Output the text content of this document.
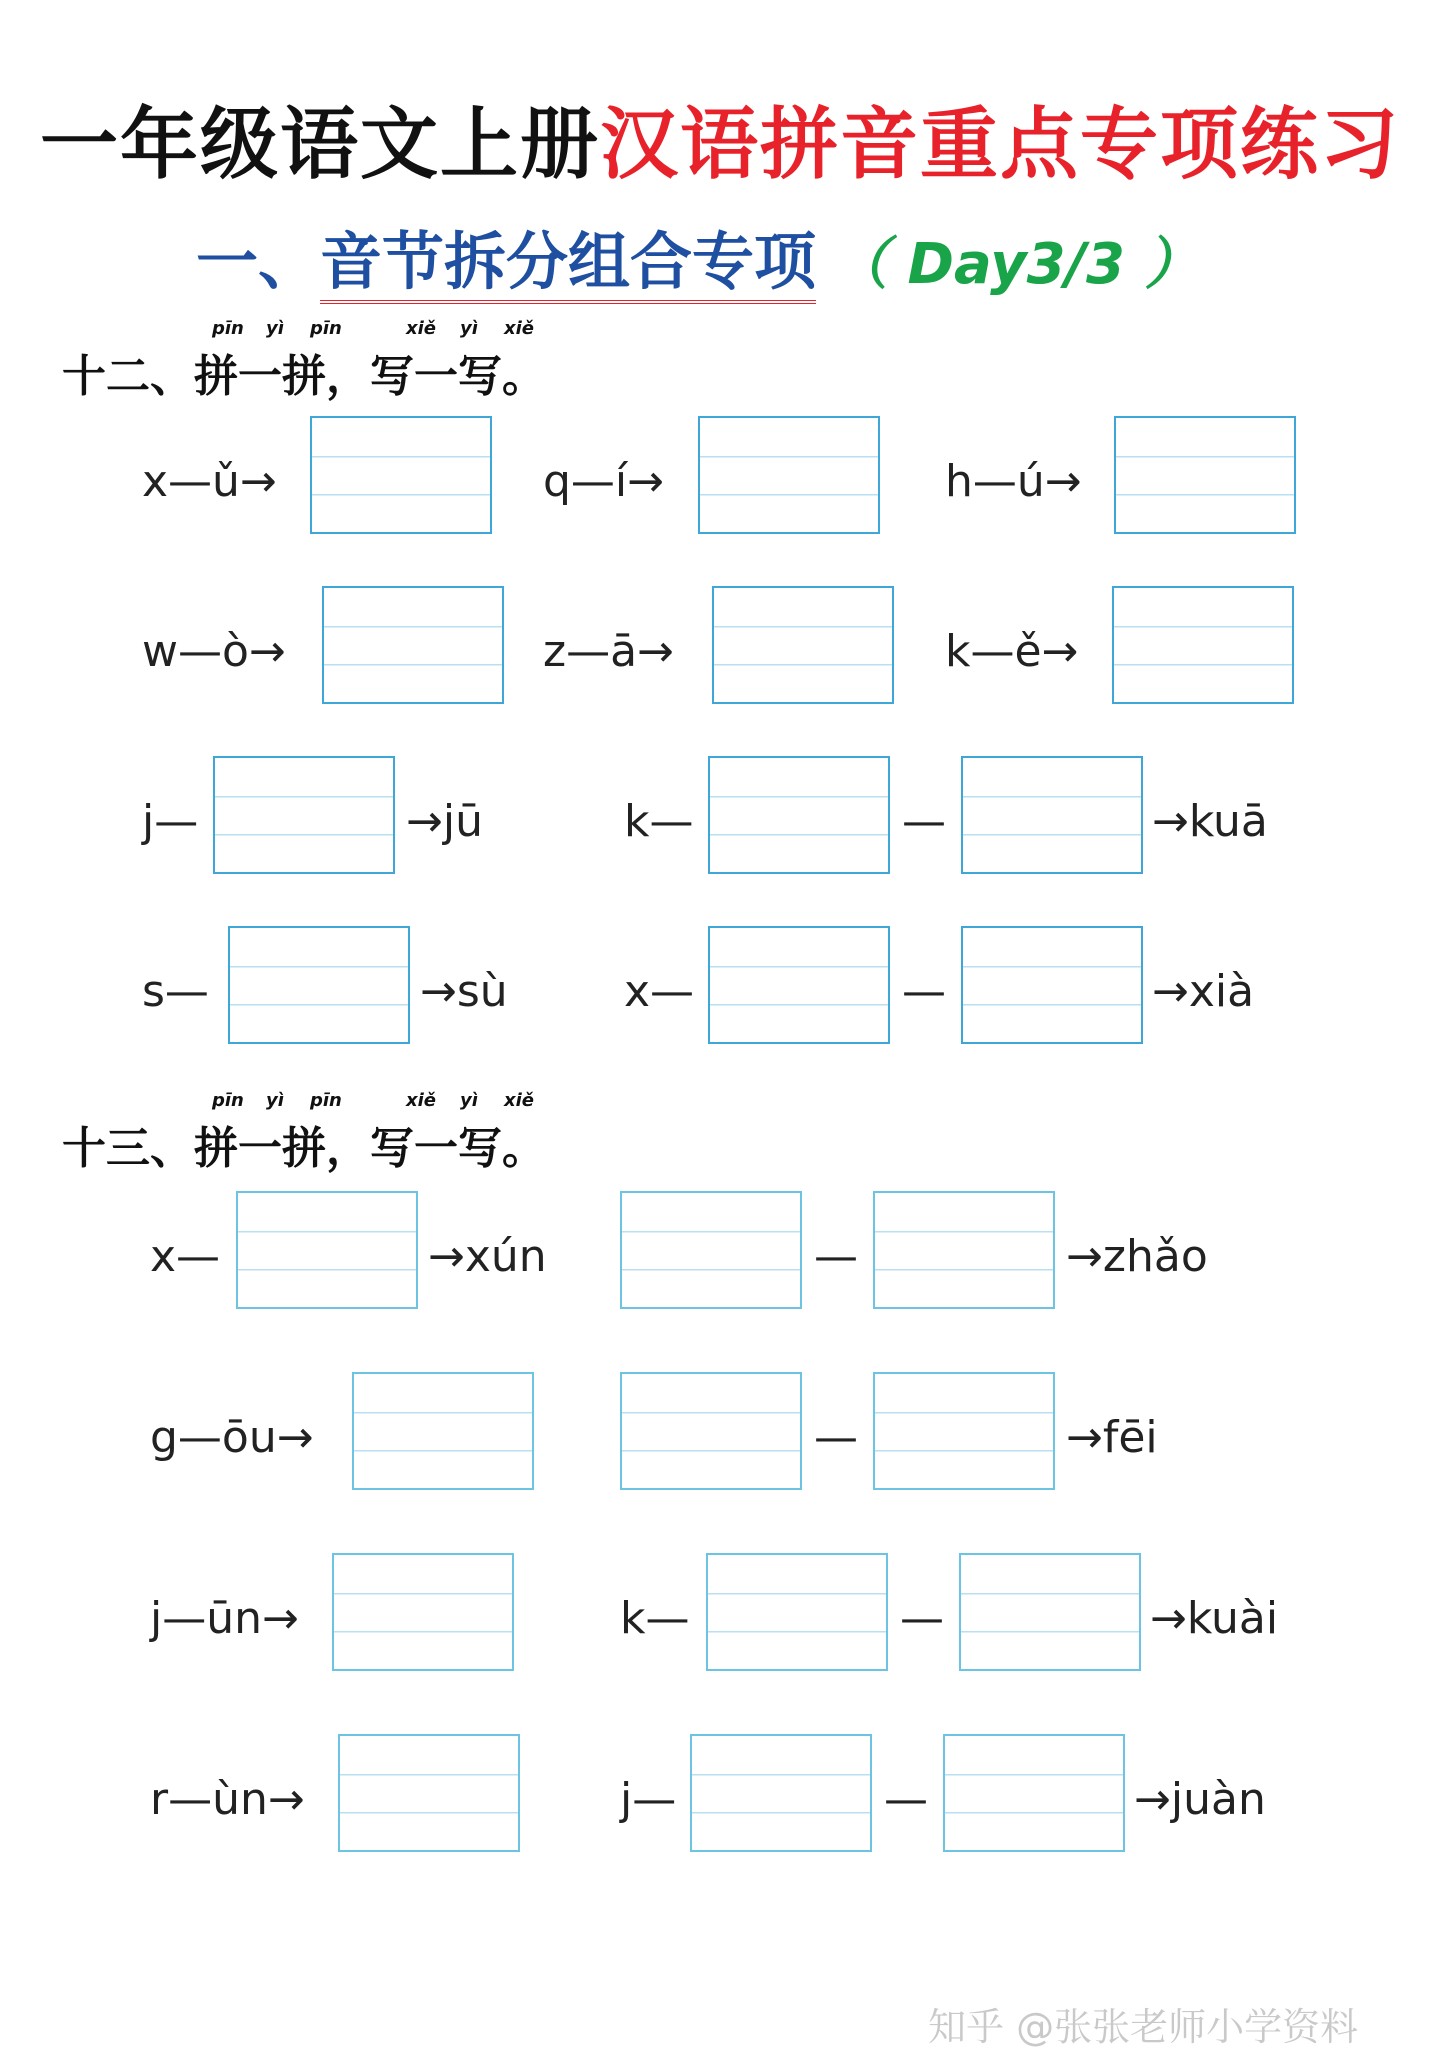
一年级语文上册汉语拼音重点专项练习
一、音节拆分组合专项 （ Day3/3 ）
pīn yì pīn	xiě yì xiě
十二、拼一拼，写一写。
x—ǔ→	q—í→	h—ú→
w—ò→	z—ā→	k—ě→
j—	→jū	k—	—	→kuā
s—	→sù	x—	—	→xià
pīn yì pīn	xiě yì xiě
十三、拼一拼，写一写。
x—	→xún	—	→zhǎo
g—ōu→	—	→fēi
j—ūn→	k—	—	→kuài
r—ùn→	j—	—	→juàn
知乎 @张张老师小学资料
